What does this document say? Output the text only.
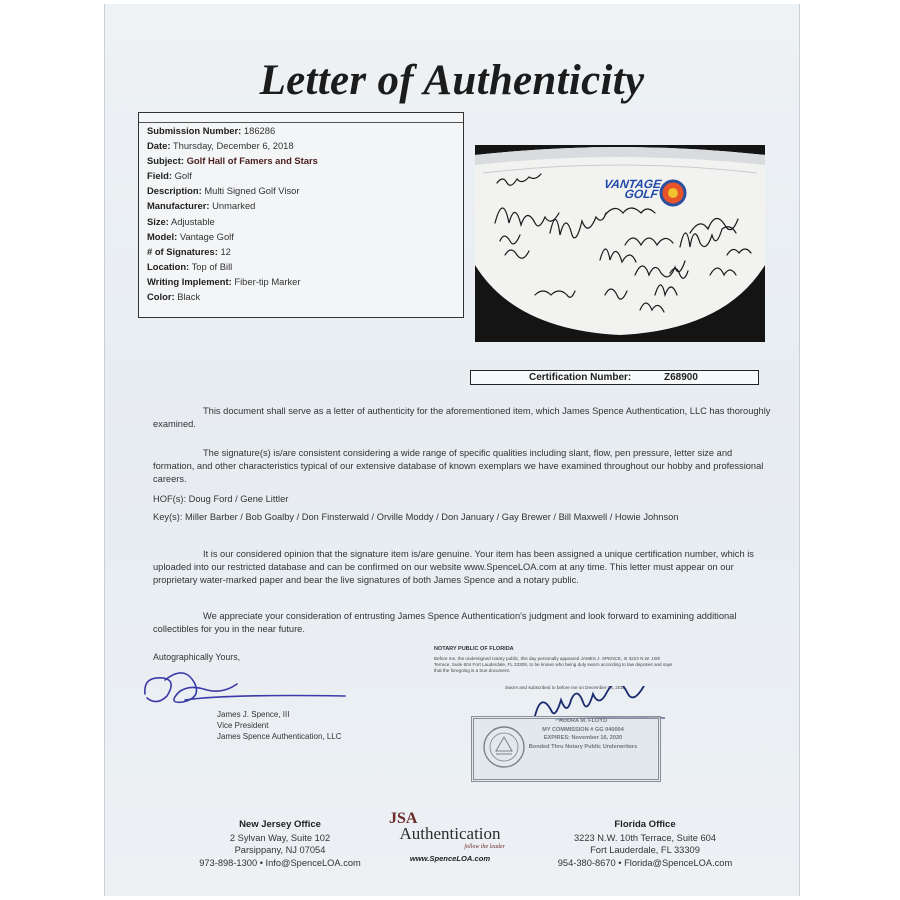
Letter of Authenticity
Submission Number: 186286
Date: Thursday, December 6, 2018
Subject: Golf Hall of Famers and Stars
Field: Golf
Description: Multi Signed Golf Visor
Manufacturer: Unmarked
Size: Adjustable
Model: Vantage Golf
# of Signatures: 12
Location: Top of Bill
Writing Implement: Fiber-tip Marker
Color: Black
VANTAGE
GOLF
Certification Number:	Z68900

This document shall serve as a letter of authenticity for the aforementioned item, which James Spence Authentication, LLC has thoroughly examined.

The signature(s) is/are consistent considering a wide range of specific qualities including slant, flow, pen pressure, letter size and formation, and other characteristics typical of our extensive database of known exemplars we have examined throughout our hobby and professional careers.

HOF(s): Doug Ford / Gene Littler

Key(s): Miller Barber / Bob Goalby / Don Finsterwald / Orville Moddy / Don January / Gay Brewer / Bill Maxwell / Howie Johnson

It is our considered opinion that the signature item is/are genuine. Your item has been assigned a unique certification number, which is uploaded into our restricted database and can be confirmed on our website www.SpenceLOA.com at any time. This letter must appear on our proprietary water-marked paper and bear the live signatures of both James Spence and a notary public.

We appreciate your consideration of entrusting James Spence Authentication's judgment and look forward to examining additional collectibles for you in the near future.

Autographically Yours,
James J. Spence, III
Vice President
James Spence Authentication, LLC
NOTARY PUBLIC OF FLORIDA
Before me, the undersigned notary public, this day personally appeared JAMES J. SPENCE, III 3223 N.W. 10th Terrace, Suite 604 Fort Lauderdale, FL 33309, to be known who being duly sworn according to law deposes and says that the foregoing is a true document.
Sworn and subscribed to before me on December 06, 2018.
AUDRA M. FLOYD
MY COMMISSION # GG 040004
EXPIRES: November 16, 2020
Bonded Thru Notary Public Underwriters
New Jersey Office
2 Sylvan Way, Suite 102
Parsippany, NJ 07054
973-898-1300 • Info@SpenceLOA.com
JSA
Authentication
follow the leader
www.SpenceLOA.com
Florida Office
3223 N.W. 10th Terrace, Suite 604
Fort Lauderdale, FL 33309
954-380-8670 • Florida@SpenceLOA.com
